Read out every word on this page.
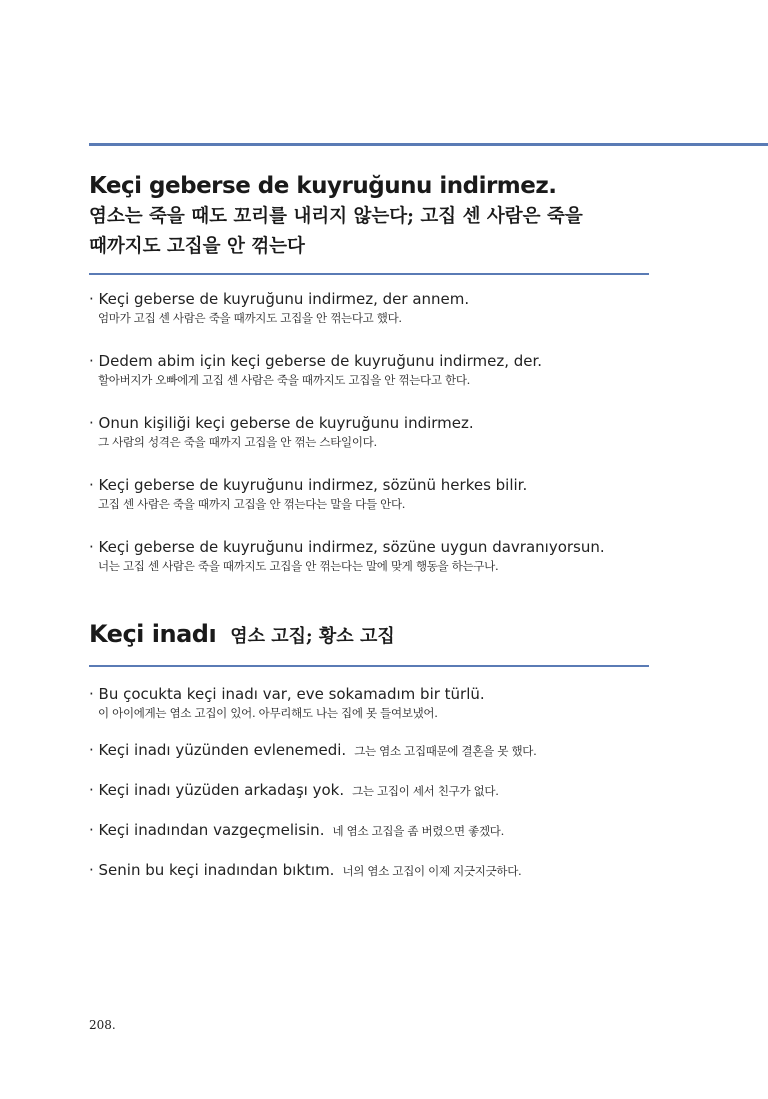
Keçi geberse de kuyruğunu indirmez.
염소는 죽을 때도 꼬리를 내리지 않는다; 고집 센 사람은 죽을
때까지도 고집을 안 꺾는다
· Keçi geberse de kuyruğunu indirmez, der annem.
엄마가 고집 센 사람은 죽을 때까지도 고집을 안 꺾는다고 했다.
· Dedem abim için keçi geberse de kuyruğunu indirmez, der.
할아버지가 오빠에게 고집 센 사람은 죽을 때까지도 고집을 안 꺾는다고 한다.
· Onun kişiliği keçi geberse de kuyruğunu indirmez.
그 사람의 성격은 죽을 때까지 고집을 안 꺾는 스타일이다.
· Keçi geberse de kuyruğunu indirmez, sözünü herkes bilir.
고집 센 사람은 죽을 때까지 고집을 안 꺾는다는 말을 다들 안다.
· Keçi geberse de kuyruğunu indirmez, sözüne uygun davranıyorsun.
너는 고집 센 사람은 죽을 때까지도 고집을 안 꺾는다는 말에 맞게 행동을 하는구나.
Keçi inadı 염소 고집; 황소 고집
· Bu çocukta keçi inadı var, eve sokamadım bir türlü.
이 아이에게는 염소 고집이 있어. 아무리해도 나는 집에 못 들여보냈어.
· Keçi inadı yüzünden evlenemedi. 그는 염소 고집때문에 결혼을 못 했다.
· Keçi inadı yüzüden arkadaşı yok. 그는 고집이 세서 친구가 없다.
· Keçi inadından vazgeçmelisin. 네 염소 고집을 좀 버렸으면 좋겠다.
· Senin bu keçi inadından bıktım. 너의 염소 고집이 이제 지긋지긋하다.
208.
